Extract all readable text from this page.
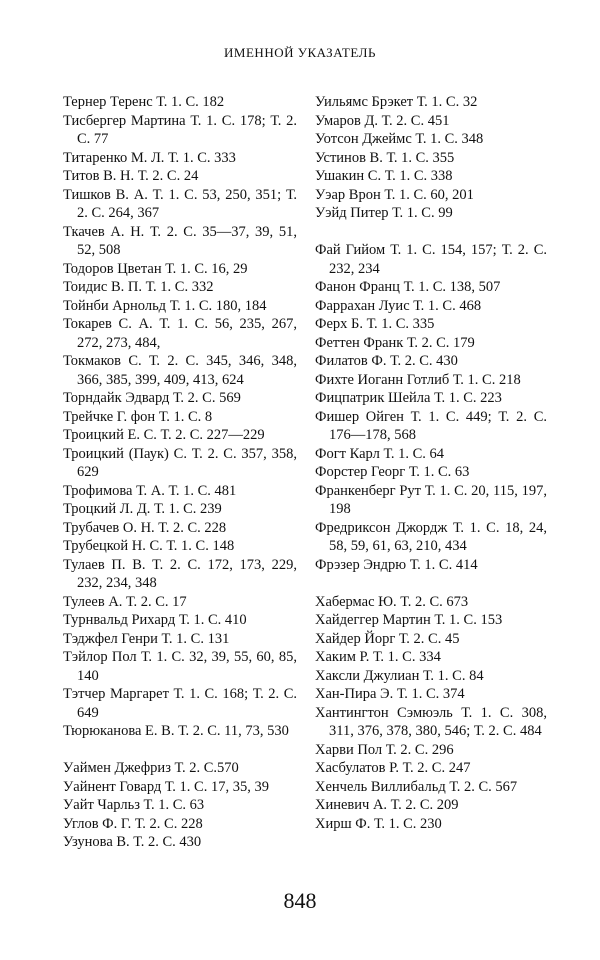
ИМЕННОЙ УКАЗАТЕЛЬ
Тернер Теренс Т. 1. С. 182
Тисбергер Мартина Т. 1. С. 178; Т. 2. С. 77
Титаренко М. Л. Т. 1. С. 333
Титов В. Н. Т. 2. С. 24
Тишков В. А. Т. 1. С. 53, 250, 351; Т. 2. С. 264, 367
Ткачев А. Н. Т. 2. С. 35—37, 39, 51, 52, 508
Тодоров Цветан Т. 1. С. 16, 29
Тоидис В. П. Т. 1. С. 332
Тойнби Арнольд Т. 1. С. 180, 184
Токарев С. А. Т. 1. С. 56, 235, 267, 272, 273, 484,
Токмаков С. Т. 2. С. 345, 346, 348, 366, 385, 399, 409, 413, 624
Торндайк Эдвард Т. 2. С. 569
Трейчке Г. фон Т. 1. С. 8
Троицкий Е. С. Т. 2. С. 227—229
Троицкий (Паук) С. Т. 2. С. 357, 358, 629
Трофимова Т. А. Т. 1. С. 481
Троцкий Л. Д. Т. 1. С. 239
Трубачев О. Н. Т. 2. С. 228
Трубецкой Н. С. Т. 1. С. 148
Тулаев П. В. Т. 2. С. 172, 173, 229, 232, 234, 348
Тулеев А. Т. 2. С. 17
Турнвальд Рихард Т. 1. С. 410
Тэджфел Генри Т. 1. С. 131
Тэйлор Пол Т. 1. С. 32, 39, 55, 60, 85, 140
Тэтчер Маргарет Т. 1. С. 168; Т. 2. С. 649
Тюрюканова Е. В. Т. 2. С. 11, 73, 530
Уаймен Джефриз Т. 2. С.570
Уайнент Говард Т. 1. С. 17, 35, 39
Уайт Чарльз Т. 1. С. 63
Углов Ф. Г. Т. 2. С. 228
Узунова В. Т. 2. С. 430
Уильямс Брэкет Т. 1. С. 32
Умаров Д. Т. 2. С. 451
Уотсон Джеймс Т. 1. С. 348
Устинов В. Т. 1. С. 355
Ушакин С. Т. 1. С. 338
Уэар Врон Т. 1. С. 60, 201
Уэйд Питер Т. 1. С. 99
Фай Гийом Т. 1. С. 154, 157; Т. 2. С. 232, 234
Фанон Франц Т. 1. С. 138, 507
Фаррахан Луис Т. 1. С. 468
Ферх Б. Т. 1. С. 335
Феттен Франк Т. 2. С. 179
Филатов Ф. Т. 2. С. 430
Фихте Иоганн Готлиб Т. 1. С. 218
Фицпатрик Шейла Т. 1. С. 223
Фишер Ойген Т. 1. С. 449; Т. 2. С. 176—178, 568
Фогт Карл Т. 1. С. 64
Форстер Георг Т. 1. С. 63
Франкенберг Рут Т. 1. С. 20, 115, 197, 198
Фредриксон Джордж Т. 1. С. 18, 24, 58, 59, 61, 63, 210, 434
Фрэзер Эндрю Т. 1. С. 414
Хабермас Ю. Т. 2. С. 673
Хайдеггер Мартин Т. 1. С. 153
Хайдер Йорг Т. 2. С. 45
Хаким Р. Т. 1. С. 334
Хаксли Джулиан Т. 1. С. 84
Хан-Пира Э. Т. 1. С. 374
Хантингтон Сэмюэль Т. 1. С. 308, 311, 376, 378, 380, 546; Т. 2. С. 484
Харви Пол Т. 2. С. 296
Хасбулатов Р. Т. 2. С. 247
Хенчель Виллибальд Т. 2. С. 567
Хиневич А. Т. 2. С. 209
Хирш Ф. Т. 1. С. 230
848
